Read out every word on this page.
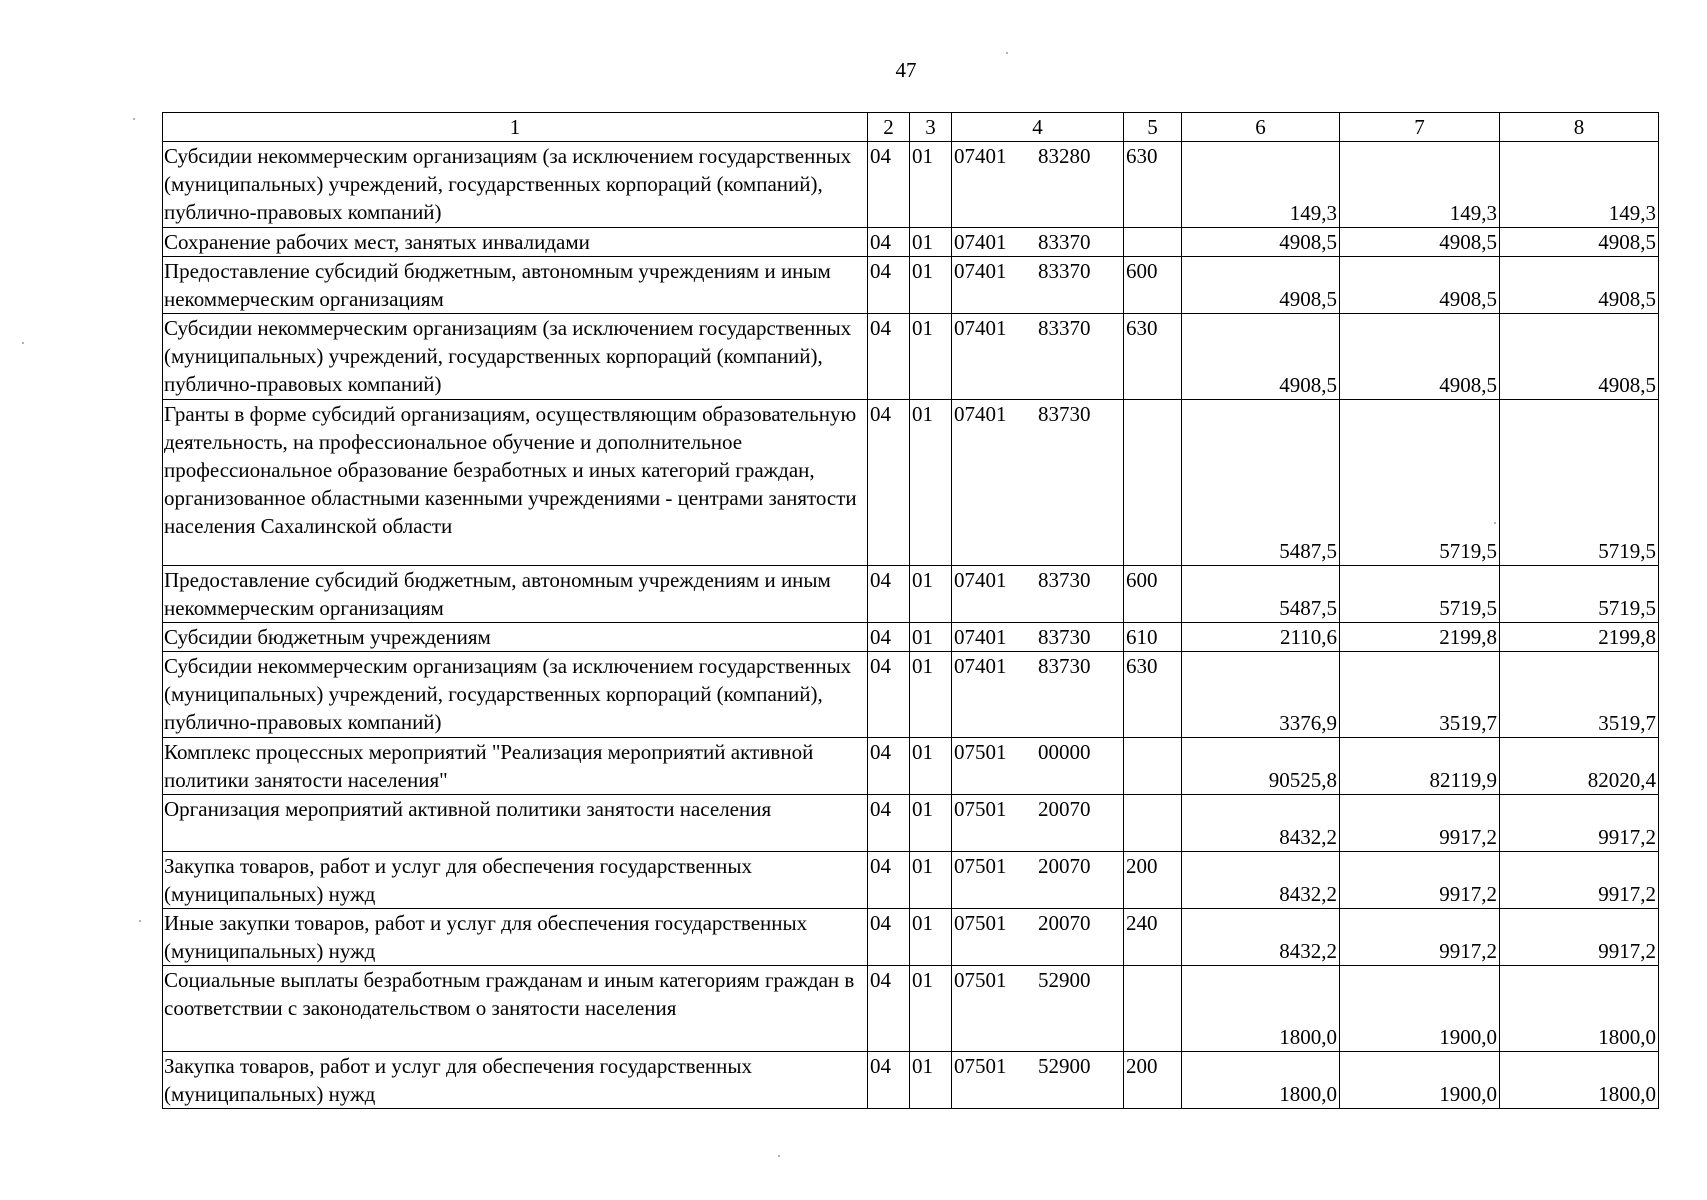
47
1	2	3	4	5	6	7	8
Субсидии некоммерческим организациям (за исключением государственных (муниципальных) учреждений, государственных корпораций (компаний), публично-правовых компаний)	04	01	07401 83280	630	149,3	149,3	149,3
Сохранение рабочих мест, занятых инвалидами	04	01	07401 83370		4908,5	4908,5	4908,5
Предоставление субсидий бюджетным, автономным учреждениям и иным некоммерческим организациям	04	01	07401 83370	600	4908,5	4908,5	4908,5
Субсидии некоммерческим организациям (за исключением государственных (муниципальных) учреждений, государственных корпораций (компаний), публично-правовых компаний)	04	01	07401 83370	630	4908,5	4908,5	4908,5
Гранты в форме субсидий организациям, осуществляющим образовательную деятельность, на профессиональное обучение и дополнительное профессиональное образование безработных и иных категорий граждан, организованное областными казенными учреждениями - центрами занятости населения Сахалинской области	04	01	07401 83730		5487,5	5719,5	5719,5
Предоставление субсидий бюджетным, автономным учреждениям и иным некоммерческим организациям	04	01	07401 83730	600	5487,5	5719,5	5719,5
Субсидии бюджетным учреждениям	04	01	07401 83730	610	2110,6	2199,8	2199,8
Субсидии некоммерческим организациям (за исключением государственных (муниципальных) учреждений, государственных корпораций (компаний), публично-правовых компаний)	04	01	07401 83730	630	3376,9	3519,7	3519,7
Комплекс процессных мероприятий "Реализация мероприятий активной политики занятости населения"	04	01	07501 00000		90525,8	82119,9	82020,4
Организация мероприятий активной политики занятости населения	04	01	07501 20070		8432,2	9917,2	9917,2
Закупка товаров, работ и услуг для обеспечения государственных (муниципальных) нужд	04	01	07501 20070	200	8432,2	9917,2	9917,2
Иные закупки товаров, работ и услуг для обеспечения государственных (муниципальных) нужд	04	01	07501 20070	240	8432,2	9917,2	9917,2
Социальные выплаты безработным гражданам и иным категориям граждан в соответствии с законодательством о занятости населения	04	01	07501 52900		1800,0	1900,0	1800,0
Закупка товаров, работ и услуг для обеспечения государственных (муниципальных) нужд	04	01	07501 52900	200	1800,0	1900,0	1800,0
